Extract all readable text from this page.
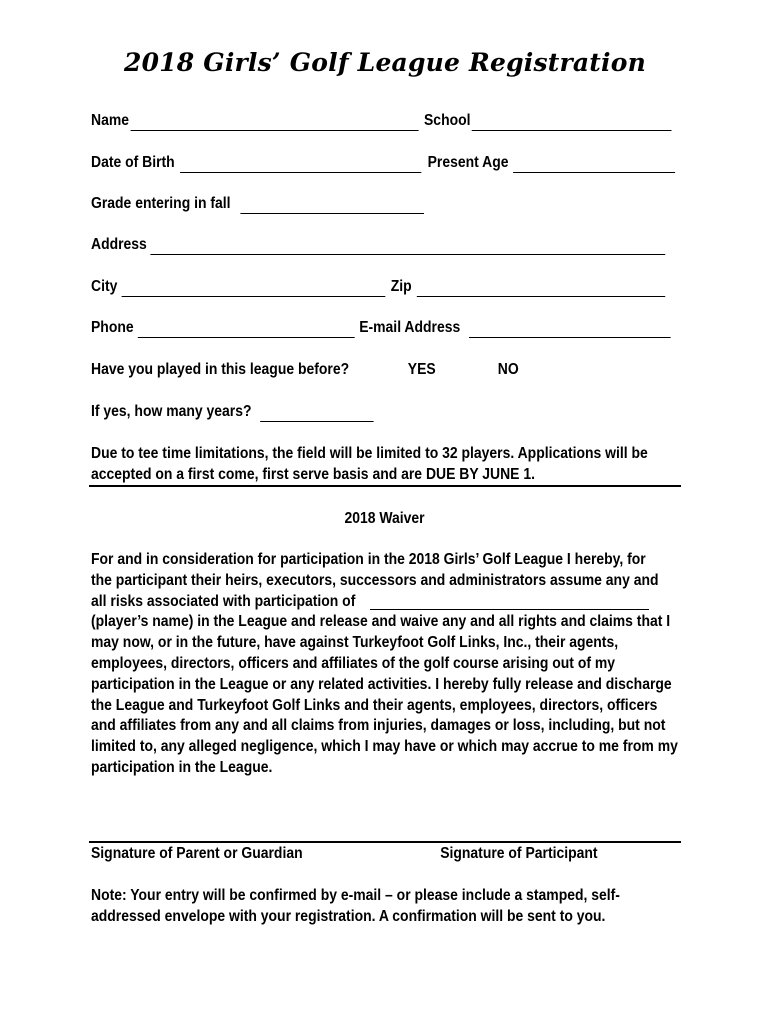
2018 Girls’ Golf League Registration
Name	School
Date of Birth	Present Age
Grade entering in fall
Address
City	Zip
Phone	E-mail Address
Have you played in this league before?	YES	NO
If yes, how many years?
Due to tee time limitations, the field will be limited to 32 players. Applications will be
accepted on a first come, first serve basis and are DUE BY JUNE 1.
2018 Waiver
For and in consideration for participation in the 2018 Girls’ Golf League I hereby, for
the participant their heirs, executors, successors and administrators assume any and
all risks associated with participation of
(player’s name) in the League and release and waive any and all rights and claims that I may now, or in the future, have against Turkeyfoot Golf Links, Inc., their agents, employees, directors, officers and affiliates of the golf course arising out of my participation in the League or any related activities. I hereby fully release and discharge the League and Turkeyfoot Golf Links and their agents, employees, directors, officers and affiliates from any and all claims from injuries, damages or loss, including, but not limited to, any alleged negligence, which I may have or which may accrue to me from my participation in the League.
Signature of Parent or Guardian	Signature of Participant
Note: Your entry will be confirmed by e-mail – or please include a stamped, self-addressed envelope with your registration. A confirmation will be sent to you.
